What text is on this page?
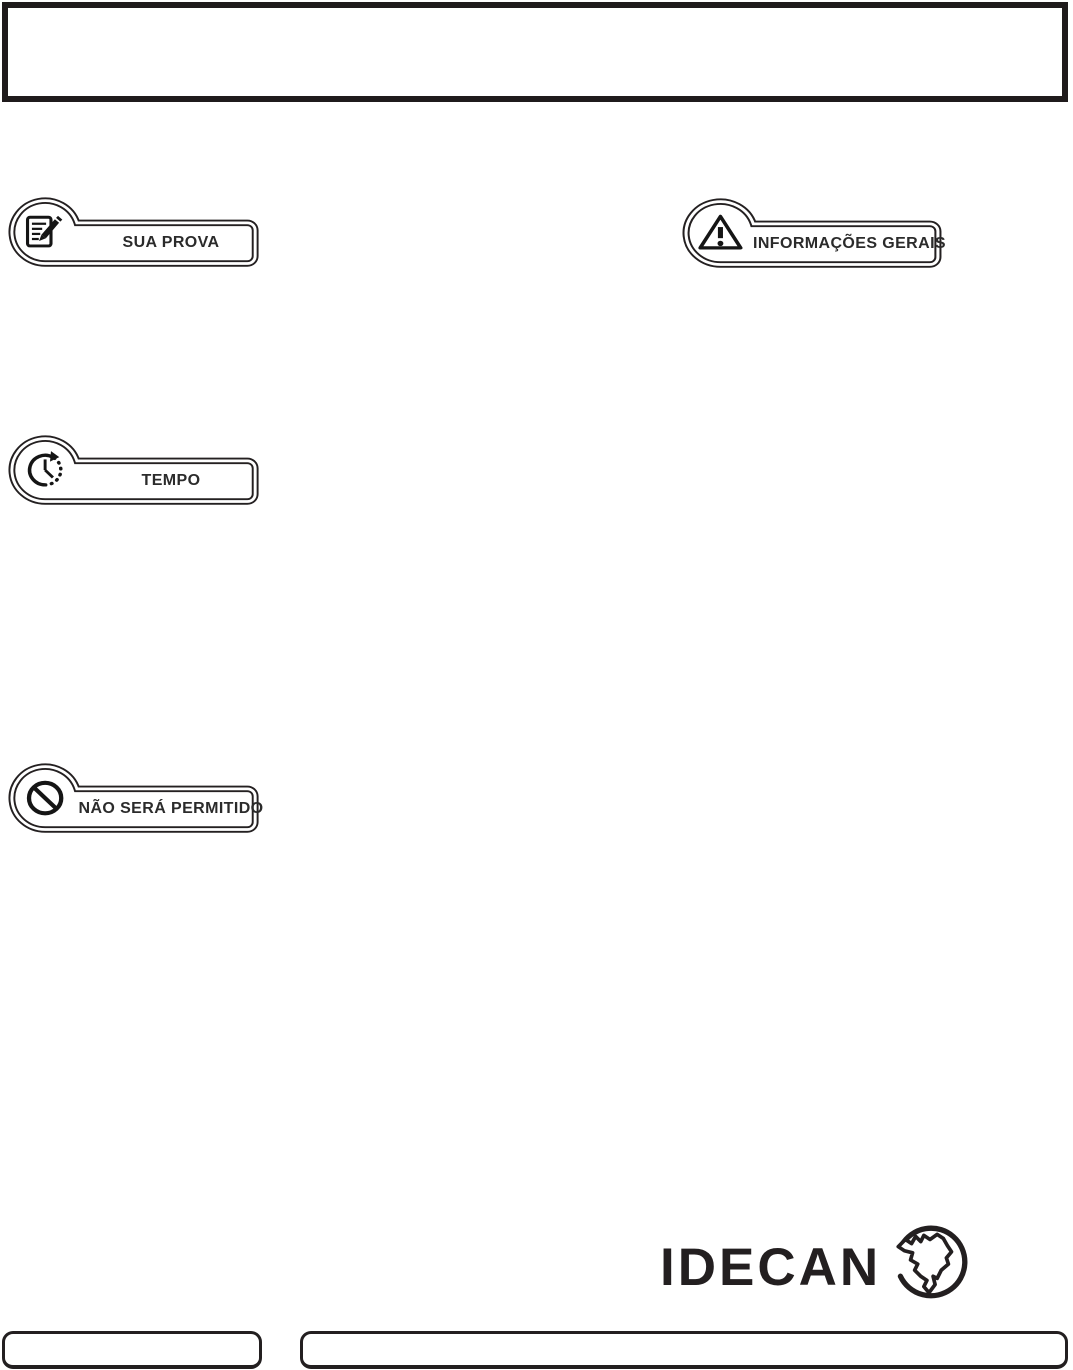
SUA PROVA	INFORMAÇÕES GERAIS
TEMPO
NÃO SERÁ PERMITIDO
IDECAN
